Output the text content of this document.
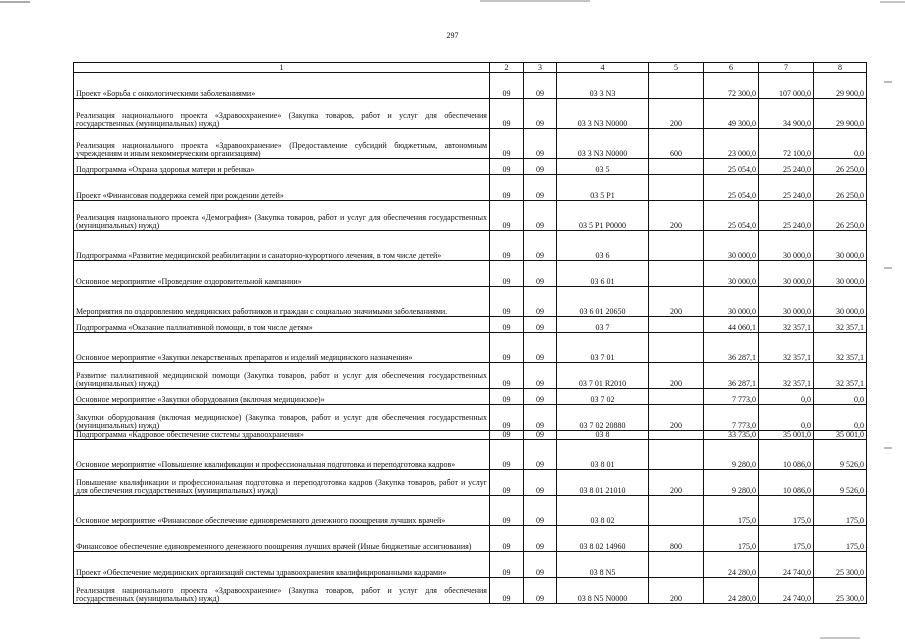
297
1	2	3	4	5	6	7	8
Проект «Борьба с онкологическими заболеваниями»	09	09	03 3 N3		72 300,0	107 000,0	29 900,0
Реализация национального проекта «Здравоохранение» (Закупка товаров, работ и услуг для обеспечения государственных (муниципальных) нужд)	09	09	03 3 N3 N0000	200	49 300,0	34 900,0	29 900,0
Реализация национального проекта «Здравоохранение» (Предоставление субсидий бюджетным, автономным учреждениям и иным некоммерческим организациям)	09	09	03 3 N3 N0000	600	23 000,0	72 100,0	0,0
Подпрограмма «Охрана здоровья матери и ребенка»	09	09	03 5		25 054,0	25 240,0	26 250,0
Проект «Финансовая поддержка семей при рождении детей»	09	09	03 5 P1		25 054,0	25 240,0	26 250,0
Реализация национального проекта «Демография» (Закупка товаров, работ и услуг для обеспечения государственных (муниципальных) нужд)	09	09	03 5 P1 P0000	200	25 054,0	25 240,0	26 250,0
Подпрограмма «Развитие медицинской реабилитации и санаторно-курортного лечения, в том числе детей»	09	09	03 6		30 000,0	30 000,0	30 000,0
Основное мероприятие «Проведение оздоровительной кампании»	09	09	03 6 01		30 000,0	30 000,0	30 000,0
Мероприятия по оздоровлению медицинских работников и граждан с социально значимыми заболеваниями.	09	09	03 6 01 20650	200	30 000,0	30 000,0	30 000,0
Подпрограмма «Оказание паллиативной помощи, в том числе детям»	09	09	03 7		44 060,1	32 357,1	32 357,1
Основное мероприятие «Закупки лекарственных препаратов и изделий медицинского назначения»	09	09	03 7 01		36 287,1	32 357,1	32 357,1
Развитие паллиативной медицинской помощи (Закупка товаров, работ и услуг для обеспечения государственных (муниципальных) нужд)	09	09	03 7 01 R2010	200	36 287,1	32 357,1	32 357,1
Основное мероприятие «Закупки оборудования (включая медицинское)»	09	09	03 7 02		7 773,0	0,0	0,0
Закупки оборудования (включая медицинское) (Закупка товаров, работ и услуг для обеспечения государственных (муниципальных) нужд)	09	09	03 7 02 20880	200	7 773,0	0,0	0,0
Подпрограмма «Кадровое обеспечение системы здравоохранения»	09	09	03 8		33 735,0	35 001,0	35 001,0
Основное мероприятие «Повышение квалификации и профессиональная подготовка и переподготовка кадров»	09	09	03 8 01		9 280,0	10 086,0	9 526,0
Повышение квалификации и профессиональная подготовка и переподготовка кадров (Закупка товаров, работ и услуг для обеспечения государственных (муниципальных) нужд)	09	09	03 8 01 21010	200	9 280,0	10 086,0	9 526,0
Основное мероприятие «Финансовое обеспечение единовременного денежного поощрения лучших врачей»	09	09	03 8 02		175,0	175,0	175,0
Финансовое обеспечение единовременного денежного поощрения лучших врачей (Иные бюджетные ассигнования)	09	09	03 8 02 14960	800	175,0	175,0	175,0
Проект «Обеспечение медицинских организаций системы здравоохранения квалифицированными кадрами»	09	09	03 8 N5		24 280,0	24 740,0	25 300,0
Реализация национального проекта «Здравоохранение» (Закупка товаров, работ и услуг для обеспечения государственных (муниципальных) нужд)	09	09	03 8 N5 N0000	200	24 280,0	24 740,0	25 300,0
